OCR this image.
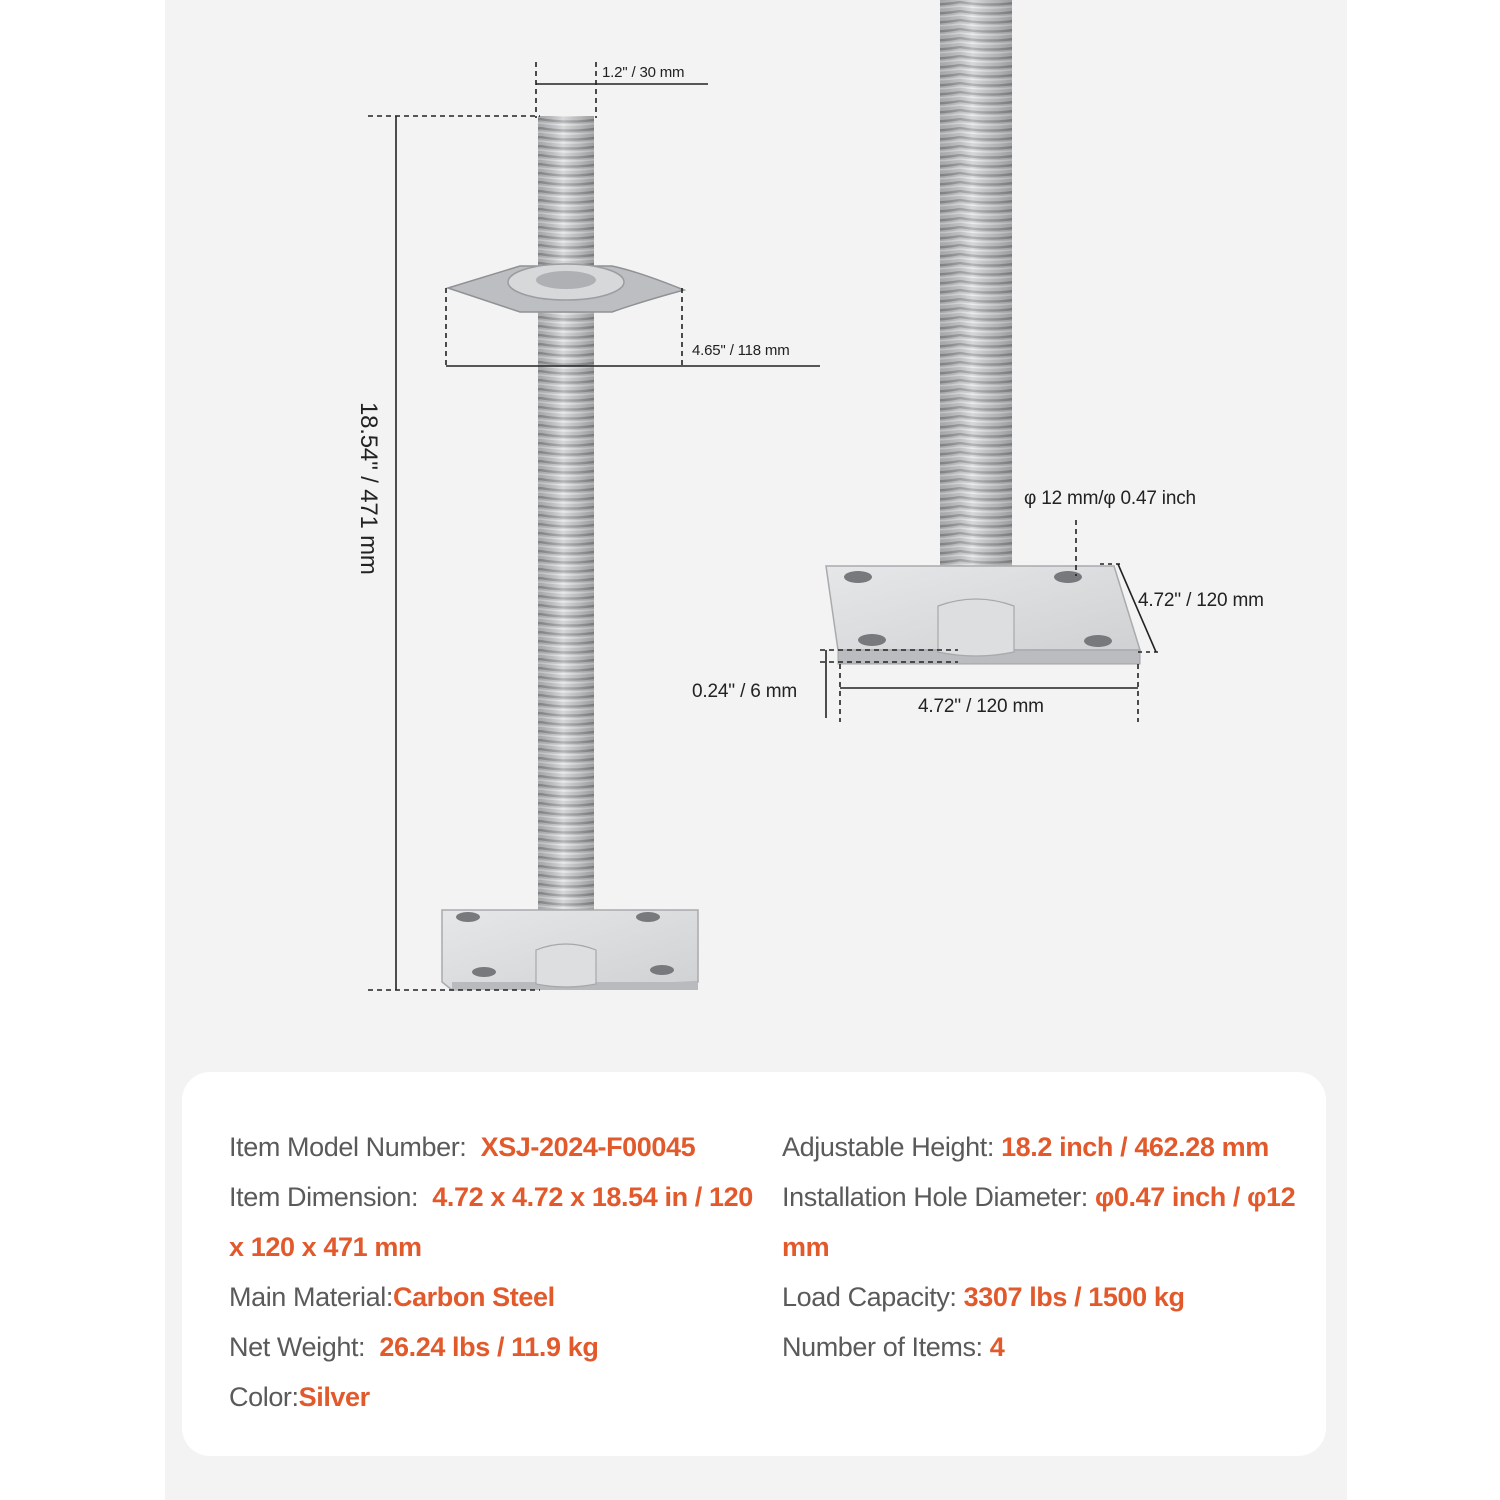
1.2'' / 30 mm
4.65'' / 118 mm
18.54'' / 471 mm	φ 12 mm/φ 0.47 inch
4.72'' / 120 mm
0.24'' / 6 mm
4.72'' / 120 mm
Item Model Number: XSJ-2024-F00045
Item Dimension: 4.72 x 4.72 x 18.54 in / 120 x 120 x 471 mm
Main Material:Carbon Steel
Net Weight: 26.24 lbs / 11.9 kg
Color:Silver
Adjustable Height: 18.2 inch / 462.28 mm
Installation Hole Diameter: φ0.47 inch / φ12 mm
Load Capacity: 3307 lbs / 1500 kg
Number of Items: 4
